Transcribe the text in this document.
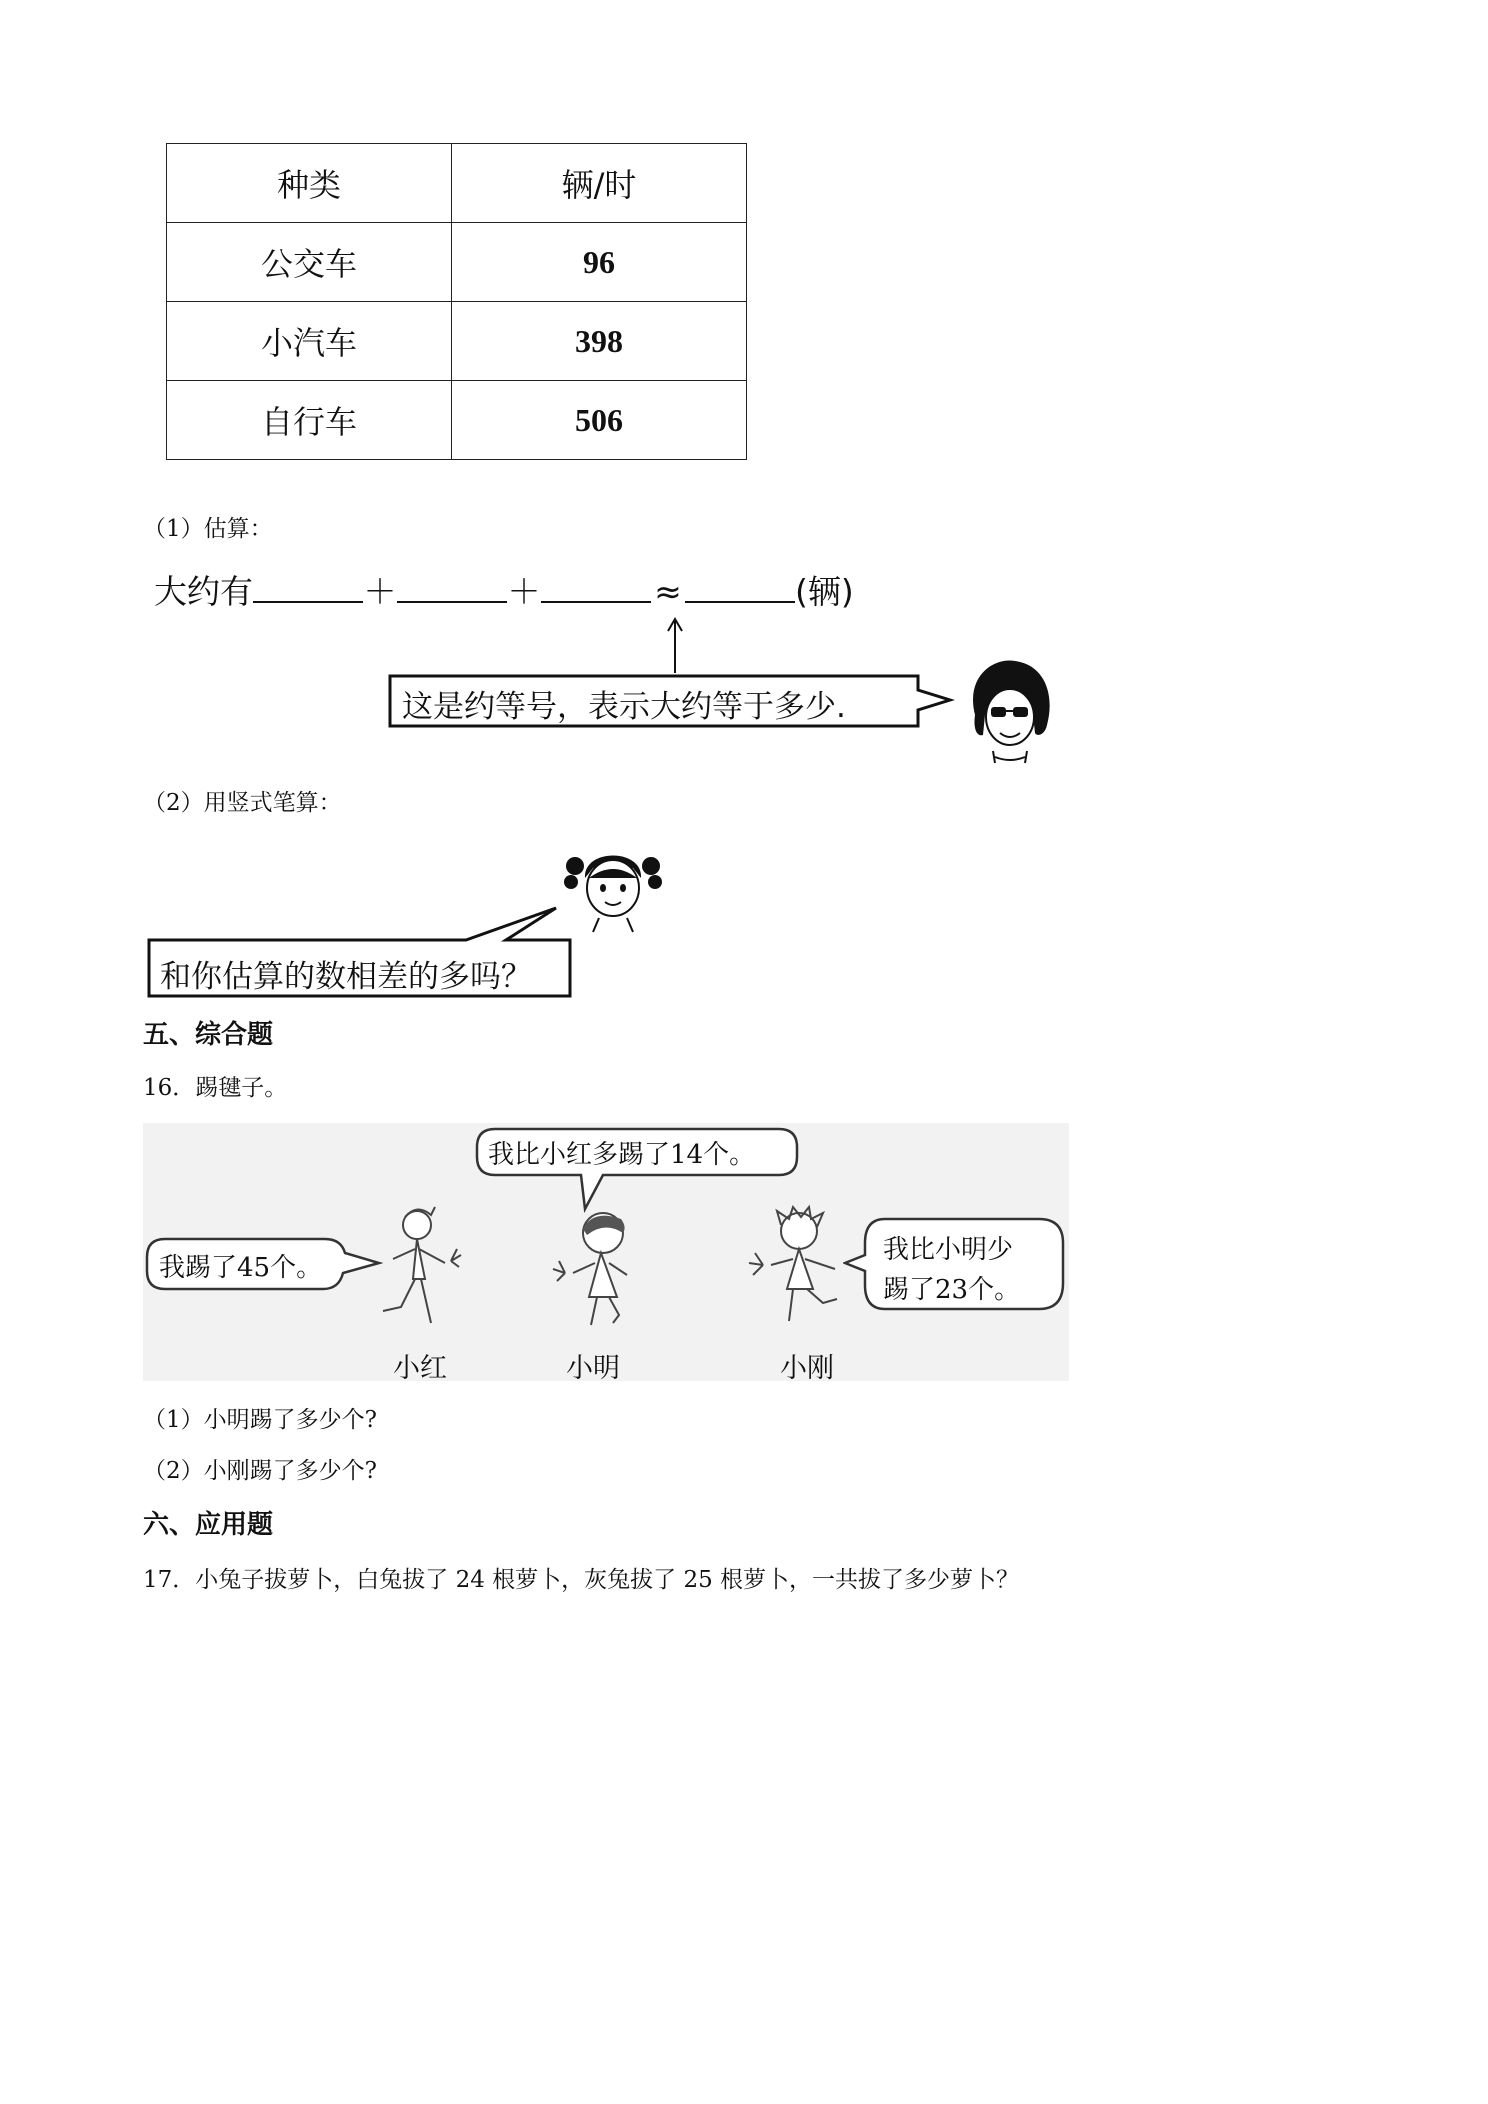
种类	辆/时
公交车	96
小汽车	398
自行车	506
（1）估算：
大约有	＋	＋	≈	(辆)
这是约等号，表示大约等于多少.
（2）用竖式笔算：
和你估算的数相差的多吗？
五、综合题
16．踢毽子。
我比小红多踢了14个。
我踢了45个。
我比小明少
踢了23个。
小红	小明	小刚
（1）小明踢了多少个?
（2）小刚踢了多少个?
六、应用题
17．小兔子拔萝卜，白兔拔了 24 根萝卜，灰兔拔了 25 根萝卜，一共拔了多少萝卜？
